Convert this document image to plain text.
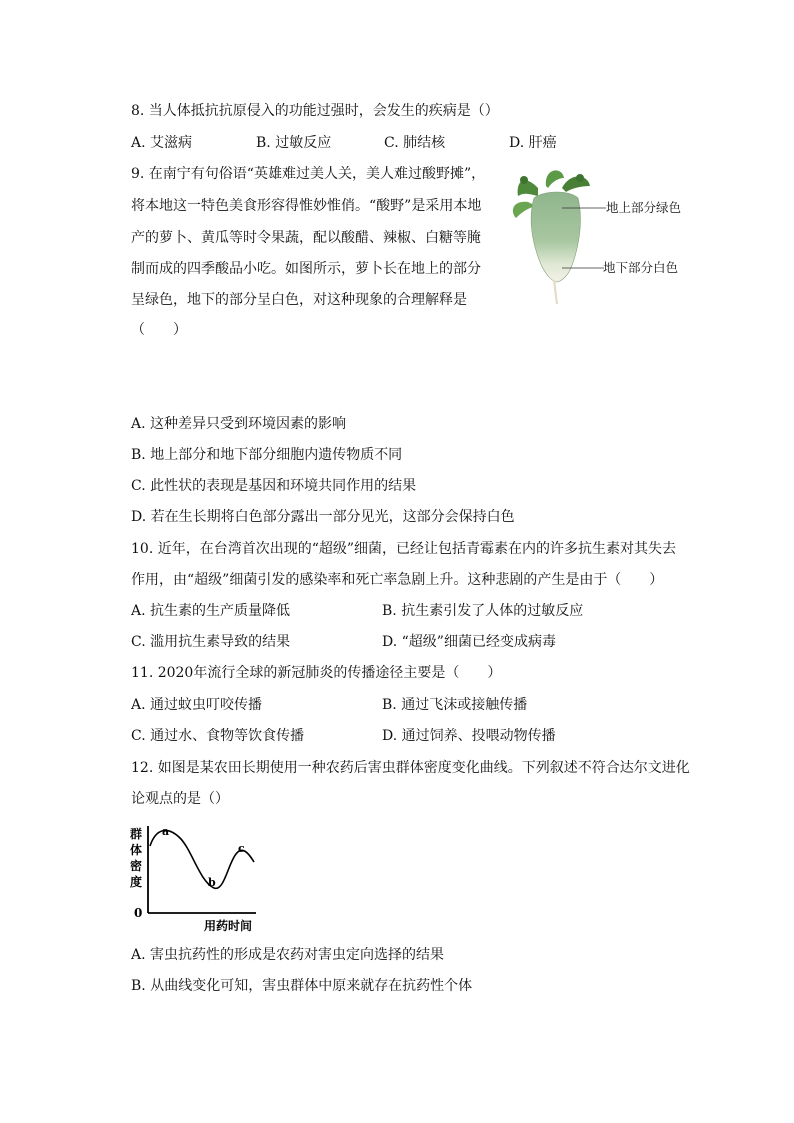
8. 当人体抵抗抗原侵入的功能过强时，会发生的疾病是（）
A. 艾滋病	B. 过敏反应	C. 肺结核	D. 肝癌
9. 在南宁有句俗语“英雄难过美人关，美人难过酸野摊”，
将本地这一特色美食形容得惟妙惟俏。“酸野”是采用本地
产的萝卜、黄瓜等时令果蔬，配以酸醋、辣椒、白糖等腌
制而成的四季酸品小吃。如图所示，萝卜长在地上的部分
呈绿色，地下的部分呈白色，对这种现象的合理解释是
（　　）
地上部分绿色
地下部分白色
A. 这种差异只受到环境因素的影响
B. 地上部分和地下部分细胞内遗传物质不同
C. 此性状的表现是基因和环境共同作用的结果
D. 若在生长期将白色部分露出一部分见光，这部分会保持白色
10. 近年，在台湾首次出现的“超级”细菌，已经让包括青霉素在内的许多抗生素对其失去
作用，由“超级”细菌引发的感染率和死亡率急剧上升。这种悲剧的产生是由于（　　）
A. 抗生素的生产质量降低	B. 抗生素引发了人体的过敏反应
C. 滥用抗生素导致的结果	D. “超级”细菌已经变成病毒
11. 2020年流行全球的新冠肺炎的传播途径主要是（　　）
A. 通过蚊虫叮咬传播	B. 通过飞沫或接触传播
C. 通过水、食物等饮食传播	D. 通过饲养、投喂动物传播
12. 如图是某农田长期使用一种农药后害虫群体密度变化曲线。下列叙述不符合达尔文进化
论观点的是（）
群
体
密
度
0
a
b
c
用药时间
A. 害虫抗药性的形成是农药对害虫定向选择的结果
B. 从曲线变化可知，害虫群体中原来就存在抗药性个体
